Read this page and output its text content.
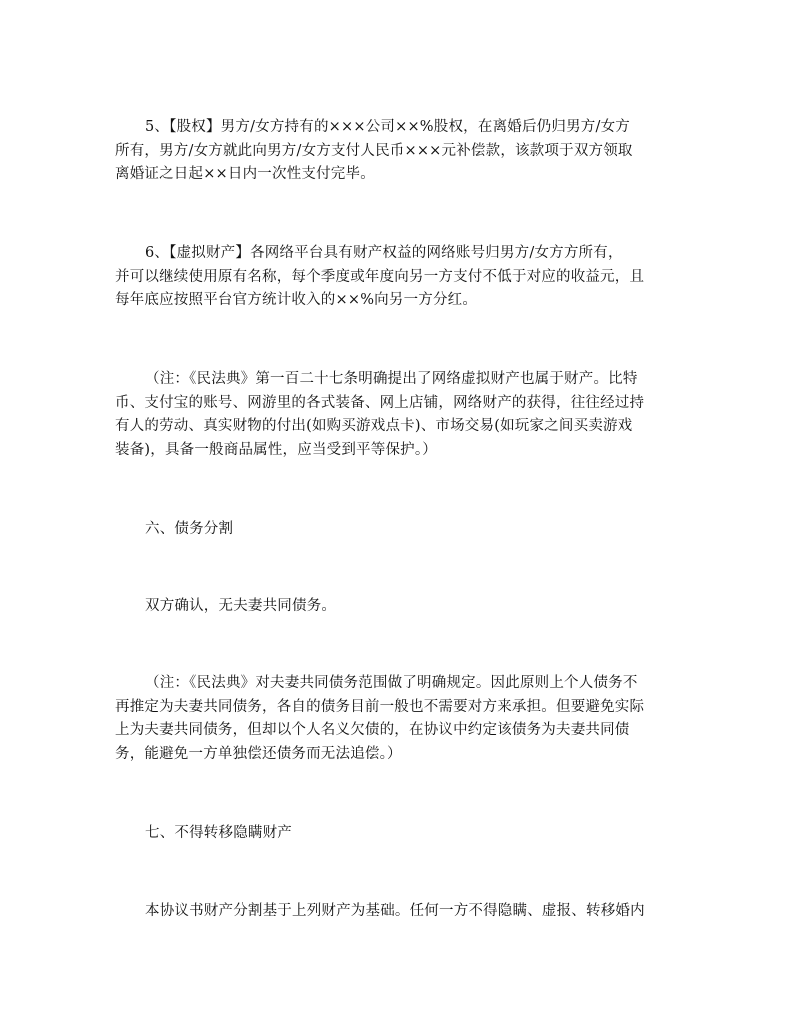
5、【股权】男方/女方持有的×××公司××%股权，在离婚后仍归男方/女方
所有，男方/女方就此向男方/女方支付人民币×××元补偿款，该款项于双方领取
离婚证之日起××日内一次性支付完毕。
6、【虚拟财产】各网络平台具有财产权益的网络账号归男方/女方方所有，
并可以继续使用原有名称，每个季度或年度向另一方支付不低于对应的收益元，且
每年底应按照平台官方统计收入的××%向另一方分红。
（注：《民法典》第一百二十七条明确提出了网络虚拟财产也属于财产。比特
币、支付宝的账号、网游里的各式装备、网上店铺，网络财产的获得，往往经过持
有人的劳动、真实财物的付出(如购买游戏点卡)、市场交易(如玩家之间买卖游戏
装备)，具备一般商品属性，应当受到平等保护。）
六、债务分割
双方确认，无夫妻共同债务。
（注：《民法典》对夫妻共同债务范围做了明确规定。因此原则上个人债务不
再推定为夫妻共同债务，各自的债务目前一般也不需要对方来承担。但要避免实际
上为夫妻共同债务，但却以个人名义欠债的，在协议中约定该债务为夫妻共同债
务，能避免一方单独偿还债务而无法追偿。）
七、不得转移隐瞒财产
本协议书财产分割基于上列财产为基础。任何一方不得隐瞒、虚报、转移婚内
